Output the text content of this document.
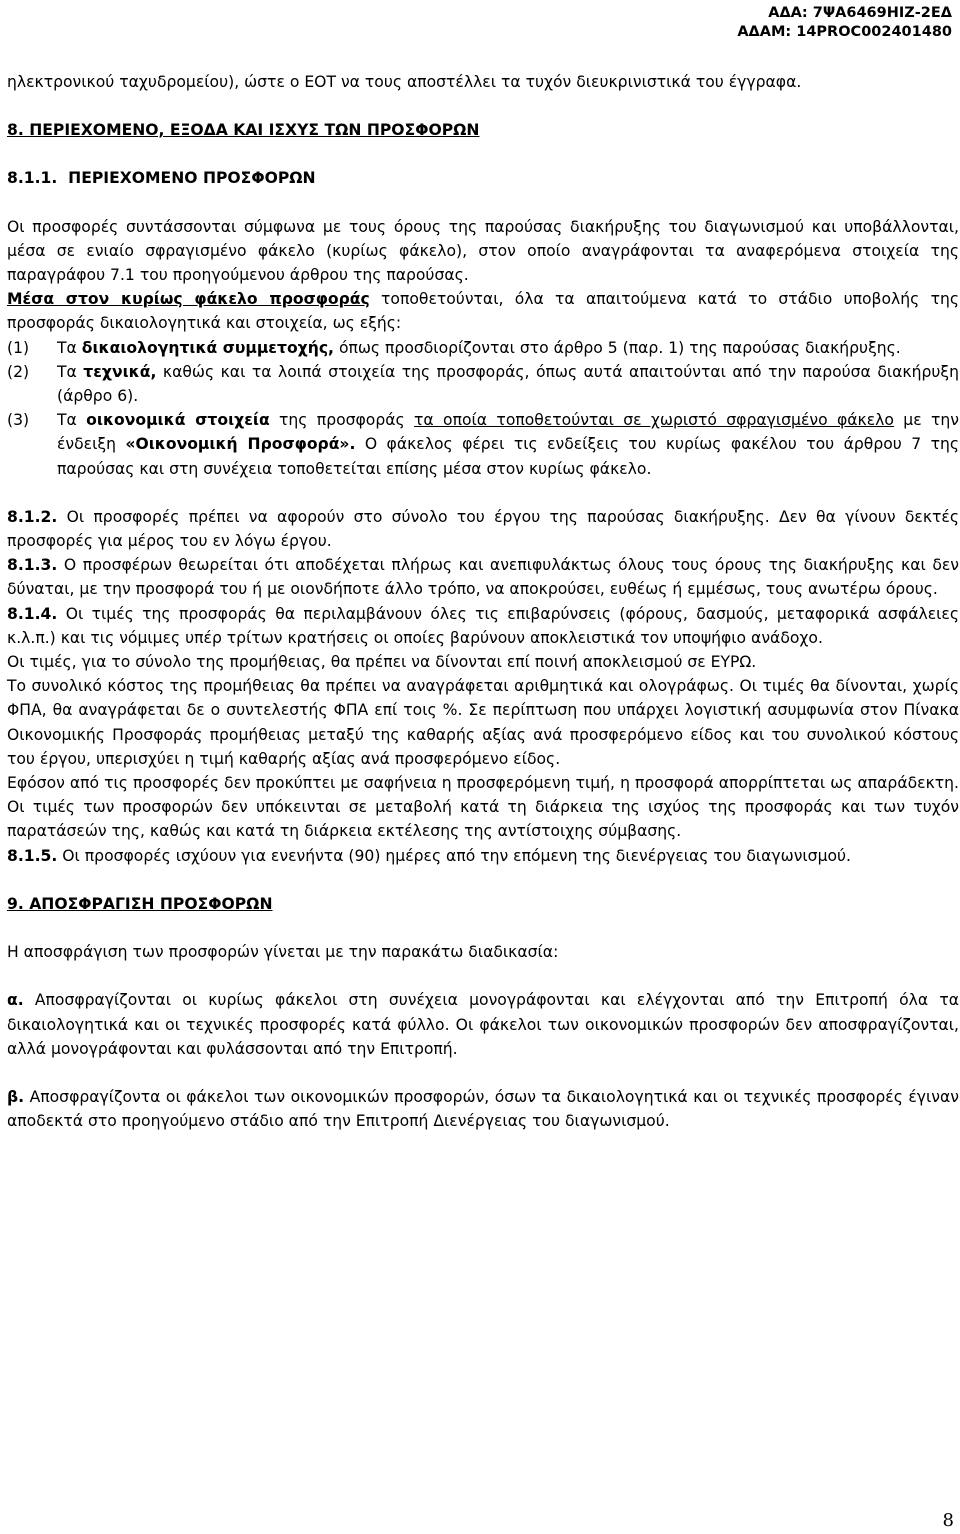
ΑΔΑ: 7ΨΑ6469ΗΙΖ-2ΕΔ
ΑΔΑΜ: 14PROC002401480

ηλεκτρονικού ταχυδρομείου), ώστε ο ΕΟΤ να τους αποστέλλει τα τυχόν διευκρινιστικά του έγγραφα.

8. ΠΕΡΙΕΧΟΜΕΝΟ, ΕΞΟΔΑ ΚΑΙ ΙΣΧΥΣ ΤΩΝ ΠΡΟΣΦΟΡΩΝ

8.1.1.  ΠΕΡΙΕΧΟΜΕΝΟ ΠΡΟΣΦΟΡΩΝ

Οι προσφορές συντάσσονται σύμφωνα με τους όρους της παρούσας διακήρυξης του διαγωνισμού και υποβάλλονται, μέσα σε ενιαίο σφραγισμένο φάκελο (κυρίως φάκελο), στον οποίο αναγράφονται τα αναφερόμενα στοιχεία της παραγράφου 7.1 του προηγούμενου άρθρου της παρούσας.

Μέσα στον κυρίως φάκελο προσφοράς τοποθετούνται, όλα τα απαιτούμενα κατά το στάδιο υποβολής της προσφοράς δικαιολογητικά και στοιχεία, ως εξής:

(1)	Τα δικαιολογητικά συμμετοχής, όπως προσδιορίζονται στο άρθρο 5 (παρ. 1) της παρούσας διακήρυξης.
(2)	Τα τεχνικά, καθώς και τα λοιπά στοιχεία της προσφοράς, όπως αυτά απαιτούνται από την παρούσα διακήρυξη (άρθρο 6).
(3)	Τα οικονομικά στοιχεία της προσφοράς τα οποία τοποθετούνται σε χωριστό σφραγισμένο φάκελο με την ένδειξη «Οικονομική Προσφορά». Ο φάκελος φέρει τις ενδείξεις του κυρίως φακέλου του άρθρου 7 της παρούσας και στη συνέχεια τοποθετείται επίσης μέσα στον κυρίως φάκελο.

8.1.2. Οι προσφορές πρέπει να αφορούν στο σύνολο του έργου της παρούσας διακήρυξης. Δεν θα γίνουν δεκτές προσφορές για μέρος του εν λόγω έργου.

8.1.3. Ο προσφέρων θεωρείται ότι αποδέχεται πλήρως και ανεπιφυλάκτως όλους τους όρους της διακήρυξης και δεν δύναται, με την προσφορά του ή με οιονδήποτε άλλο τρόπο, να αποκρούσει, ευθέως ή εμμέσως, τους ανωτέρω όρους.

8.1.4. Οι τιμές της προσφοράς θα περιλαμβάνουν όλες τις επιβαρύνσεις (φόρους, δασμούς, μεταφορικά ασφάλειες κ.λ.π.) και τις νόμιμες υπέρ τρίτων κρατήσεις οι οποίες βαρύνουν αποκλειστικά τον υποψήφιο ανάδοχο.

Οι τιμές, για το σύνολο της προμήθειας, θα πρέπει να δίνονται επί ποινή αποκλεισμού σε ΕΥΡΩ.

Το συνολικό κόστος της προμήθειας θα πρέπει να αναγράφεται αριθμητικά και ολογράφως. Οι τιμές θα δίνονται, χωρίς ΦΠΑ, θα αναγράφεται δε ο συντελεστής ΦΠΑ επί τοις %. Σε περίπτωση που υπάρχει λογιστική ασυμφωνία στον Πίνακα Οικονομικής Προσφοράς προμήθειας μεταξύ της καθαρής αξίας ανά προσφερόμενο είδος και του συνολικού κόστους του έργου, υπερισχύει η τιμή καθαρής αξίας ανά προσφερόμενο είδος.

Εφόσον από τις προσφορές δεν προκύπτει με σαφήνεια η προσφερόμενη τιμή, η προσφορά απορρίπτεται ως απαράδεκτη. Οι τιμές των προσφορών δεν υπόκεινται σε μεταβολή κατά τη διάρκεια της ισχύος της προσφοράς και των τυχόν παρατάσεών της, καθώς και κατά τη διάρκεια εκτέλεσης της αντίστοιχης σύμβασης.

8.1.5. Οι προσφορές ισχύουν για ενενήντα (90) ημέρες από την επόμενη της διενέργειας του διαγωνισμού.

9. ΑΠΟΣΦΡΑΓΙΣΗ ΠΡΟΣΦΟΡΩΝ

Η αποσφράγιση των προσφορών γίνεται με την παρακάτω διαδικασία:

α. Αποσφραγίζονται οι κυρίως φάκελοι στη συνέχεια μονογράφονται και ελέγχονται από την Επιτροπή όλα τα δικαιολογητικά και οι τεχνικές προσφορές κατά φύλλο. Οι φάκελοι των οικονομικών προσφορών δεν αποσφραγίζονται, αλλά μονογράφονται και φυλάσσονται από την Επιτροπή.

β. Αποσφραγίζοντα οι φάκελοι των οικονομικών προσφορών, όσων τα δικαιολογητικά και οι τεχνικές προσφορές έγιναν αποδεκτά στο προηγούμενο στάδιο από την Επιτροπή Διενέργειας του διαγωνισμού.

8
